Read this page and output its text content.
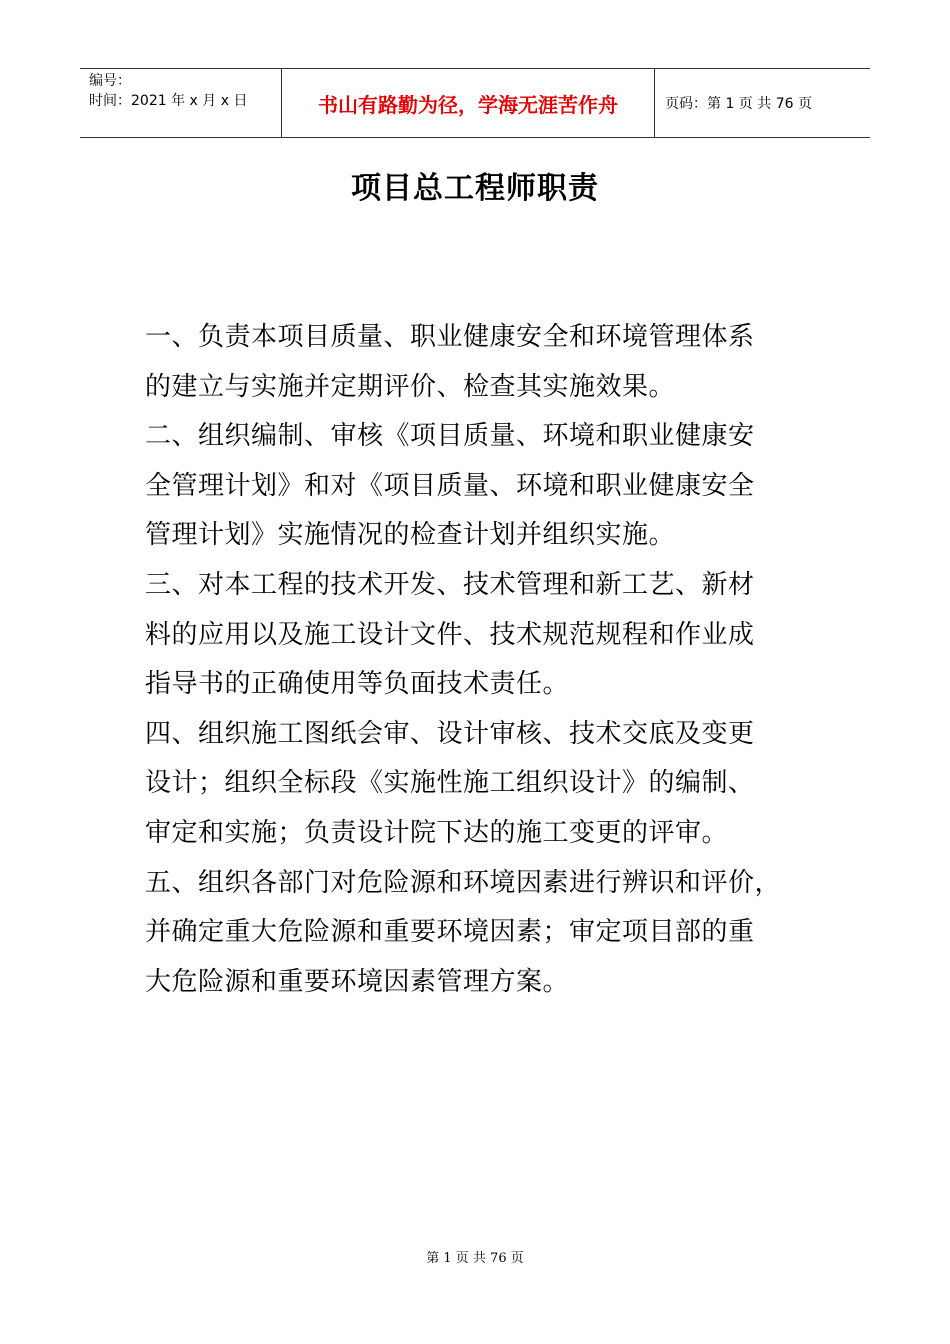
编号：
时间：2021 年 x 月 x 日	书山有路勤为径，学海无涯苦作舟	页码：第 1 页 共 76 页
项目总工程师职责
一、负责本项目质量、职业健康安全和环境管理体系
的建立与实施并定期评价、检查其实施效果。
二、组织编制、审核《项目质量、环境和职业健康安
全管理计划》和对《项目质量、环境和职业健康安全
管理计划》实施情况的检查计划并组织实施。
三、对本工程的技术开发、技术管理和新工艺、新材
料的应用以及施工设计文件、技术规范规程和作业成
指导书的正确使用等负面技术责任。
四、组织施工图纸会审、设计审核、技术交底及变更
设计；组织全标段《实施性施工组织设计》的编制、
审定和实施；负责设计院下达的施工变更的评审。
五、组织各部门对危险源和环境因素进行辨识和评价，
并确定重大危险源和重要环境因素；审定项目部的重
大危险源和重要环境因素管理方案。
第 1 页 共 76 页
